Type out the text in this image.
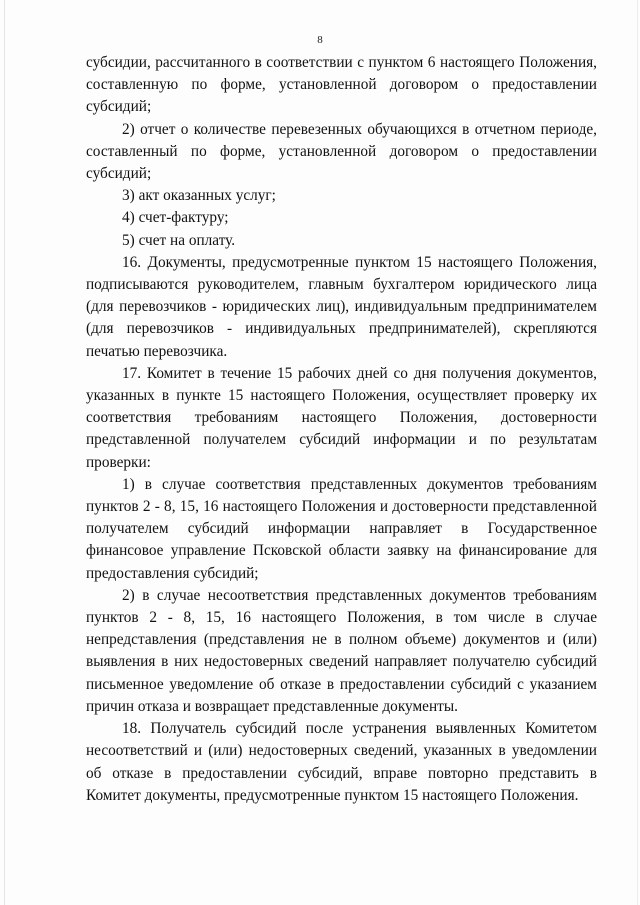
8

субсидии, рассчитанного в соответствии с пунктом 6 настоящего Положения, составленную по форме, установленной договором о предоставлении субсидий;

2) отчет о количестве перевезенных обучающихся в отчетном периоде, составленный по форме, установленной договором о предоставлении субсидий;

3) акт оказанных услуг;

4) счет-фактуру;

5) счет на оплату.

16. Документы, предусмотренные пунктом 15 настоящего Положения, подписываются руководителем, главным бухгалтером юридического лица (для перевозчиков - юридических лиц), индивидуальным предпринимателем (для перевозчиков - индивидуальных предпринимателей), скрепляются печатью перевозчика.

17. Комитет в течение 15 рабочих дней со дня получения документов, указанных в пункте 15 настоящего Положения, осуществляет проверку их соответствия требованиям настоящего Положения, достоверности представленной получателем субсидий информации и по результатам проверки:

1) в случае соответствия представленных документов требованиям пунктов 2 - 8, 15, 16 настоящего Положения и достоверности представленной получателем субсидий информации направляет в Государственное финансовое управление Псковской области заявку на финансирование для предоставления субсидий;

2) в случае несоответствия представленных документов требованиям пунктов 2 - 8, 15, 16 настоящего Положения, в том числе в случае непредставления (представления не в полном объеме) документов и (или) выявления в них недостоверных сведений направляет получателю субсидий письменное уведомление об отказе в предоставлении субсидий с указанием причин отказа и возвращает представленные документы.

18. Получатель субсидий после устранения выявленных Комитетом несоответствий и (или) недостоверных сведений, указанных в уведомлении об отказе в предоставлении субсидий, вправе повторно представить в Комитет документы, предусмотренные пунктом 15 настоящего Положения.
